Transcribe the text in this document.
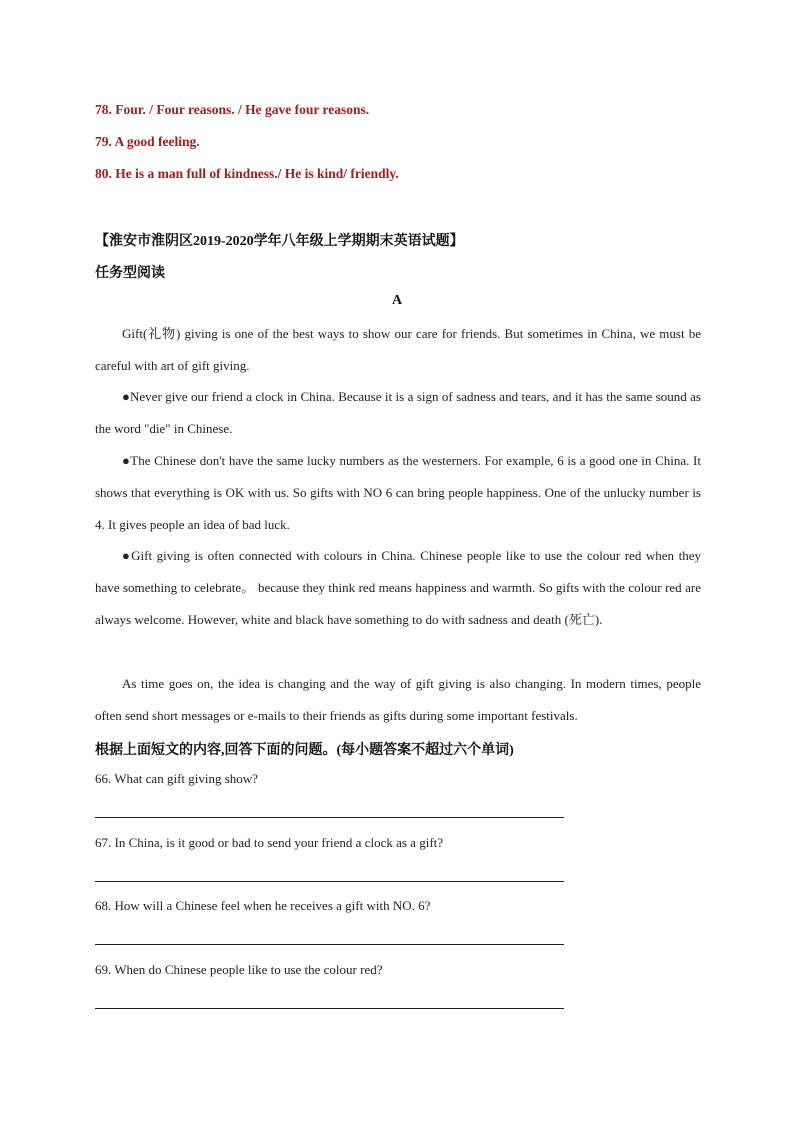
78. Four. / Four reasons. / He gave four reasons.
79. A good feeling.
80. He is a man full of kindness./ He is kind/ friendly.
【淮安市淮阴区2019-2020学年八年级上学期期末英语试题】
任务型阅读
A
Gift(礼物) giving is one of the best ways to show our care for friends. But sometimes in China, we must be careful with art of gift giving.
●Never give our friend a clock in China. Because it is a sign of sadness and tears, and it has the same sound as the word "die" in Chinese.
●The Chinese don't have the same lucky numbers as the westerners. For example, 6 is a good one in China. It shows that everything is OK with us. So gifts with NO 6 can bring people happiness. One of the unlucky number is 4. It gives people an idea of bad luck.
●Gift giving is often connected with colours in China. Chinese people like to use the colour red when they have something to celebrate。 because they think red means happiness and warmth. So gifts with the colour red are always welcome. However, white and black have something to do with sadness and death (死亡).
As time goes on, the idea is changing and the way of gift giving is also changing. In modern times, people often send short messages or e-mails to their friends as gifts during some important festivals.
根据上面短文的内容,回答下面的问题。(每小题答案不超过六个单词)
66. What can gift giving show?
67. In China, is it good or bad to send your friend a clock as a gift?
68. How will a Chinese feel when he receives a gift with NO. 6?
69. When do Chinese people like to use the colour red?
